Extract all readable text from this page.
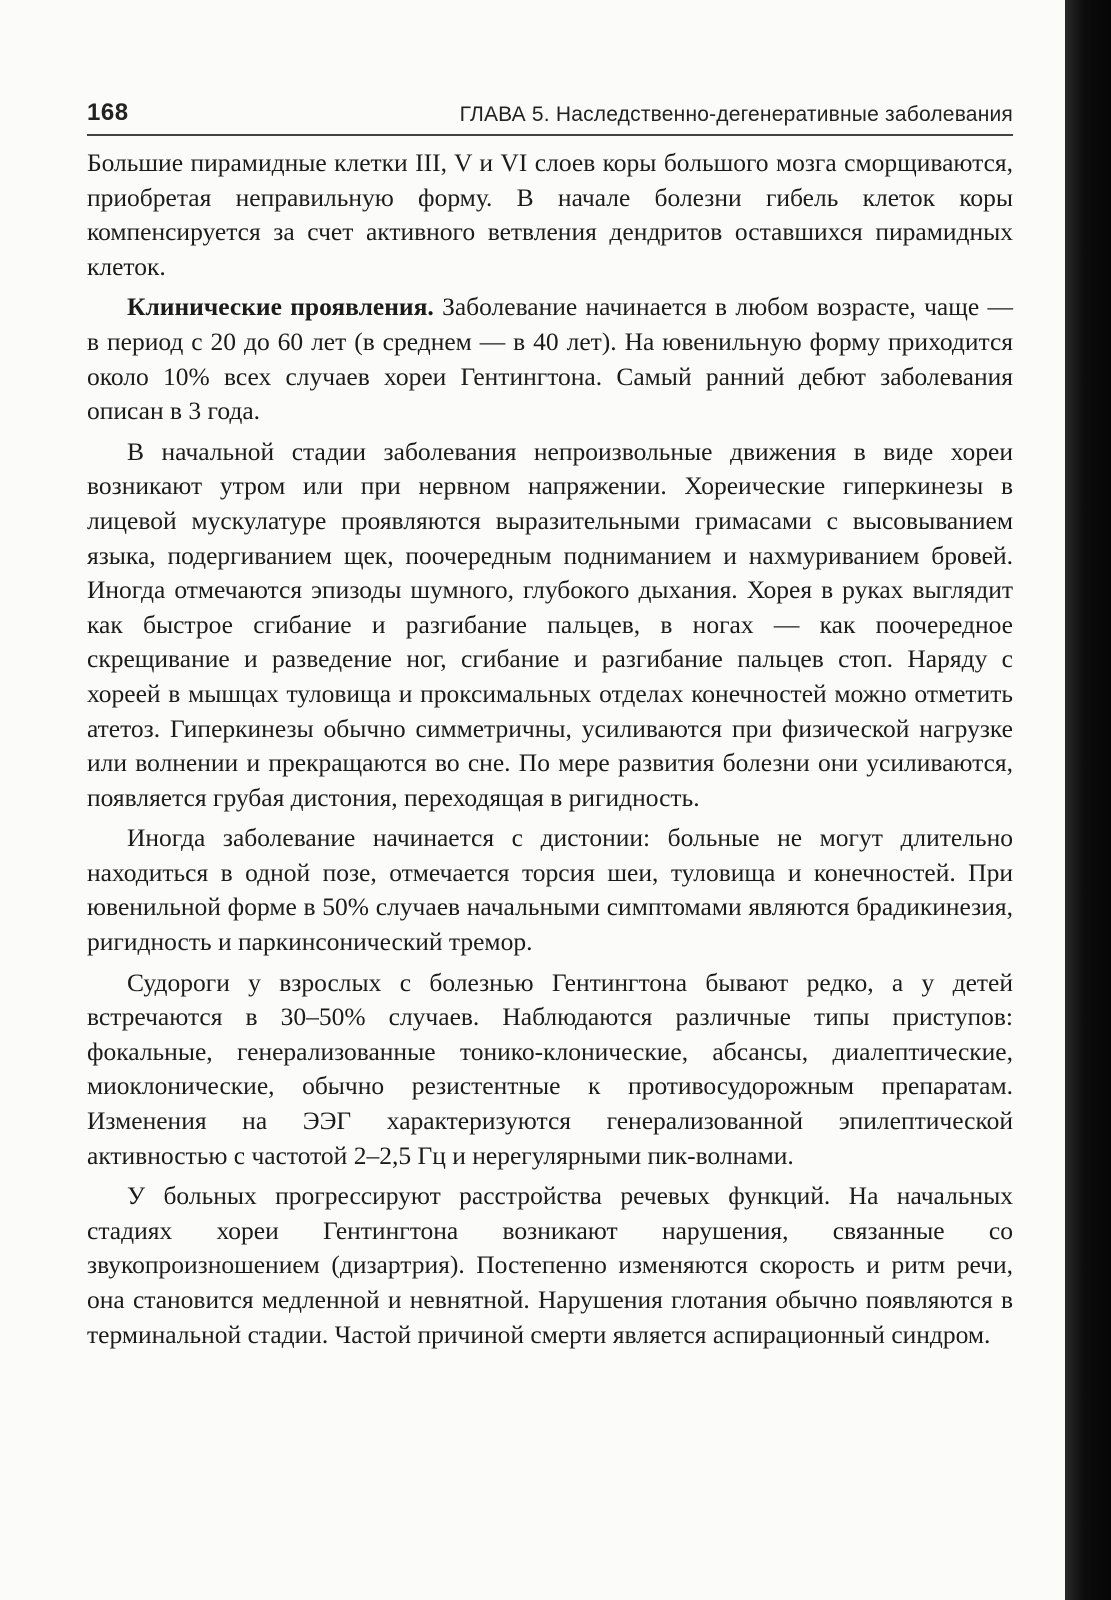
168	ГЛАВА 5. Наследственно-дегенеративные заболевания

Большие пирамидные клетки III, V и VI слоев коры большого мозга сморщиваются, приобретая неправильную форму. В начале болезни гибель клеток коры компенсируется за счет активного ветвления дендритов оставшихся пирамидных клеток.

Клинические проявления. Заболевание начинается в любом возрасте, чаще — в период с 20 до 60 лет (в среднем — в 40 лет). На ювенильную форму приходится около 10% всех случаев хореи Гентингтона. Самый ранний дебют заболевания описан в 3 года.

В начальной стадии заболевания непроизвольные движения в виде хореи возникают утром или при нервном напряжении. Хореические гиперкинезы в лицевой мускулатуре проявляются выразительными гримасами с высовыванием языка, подергиванием щек, поочередным подниманием и нахмуриванием бровей. Иногда отмечаются эпизоды шумного, глубокого дыхания. Хорея в руках выглядит как быстрое сгибание и разгибание пальцев, в ногах — как поочередное скрещивание и разведение ног, сгибание и разгибание пальцев стоп. Наряду с хореей в мышцах туловища и проксимальных отделах конечностей можно отметить атетоз. Гиперкинезы обычно симметричны, усиливаются при физической нагрузке или волнении и прекращаются во сне. По мере развития болезни они усиливаются, появляется грубая дистония, переходящая в ригидность.

Иногда заболевание начинается с дистонии: больные не могут длительно находиться в одной позе, отмечается торсия шеи, туловища и конечностей. При ювенильной форме в 50% случаев начальными симптомами являются брадикинезия, ригидность и паркинсонический тремор.

Судороги у взрослых с болезнью Гентингтона бывают редко, а у детей встречаются в 30–50% случаев. Наблюдаются различные типы приступов: фокальные, генерализованные тонико-клонические, абсансы, диалептические, миоклонические, обычно резистентные к противосудорожным препаратам. Изменения на ЭЭГ характеризуются генерализованной эпилептической активностью с частотой 2–2,5 Гц и нерегулярными пик-волнами.

У больных прогрессируют расстройства речевых функций. На начальных стадиях хореи Гентингтона возникают нарушения, связанные со звукопроизношением (дизартрия). Постепенно изменяются скорость и ритм речи, она становится медленной и невнятной. Нарушения глотания обычно появляются в терминальной стадии. Частой причиной смерти является аспирационный синдром.
